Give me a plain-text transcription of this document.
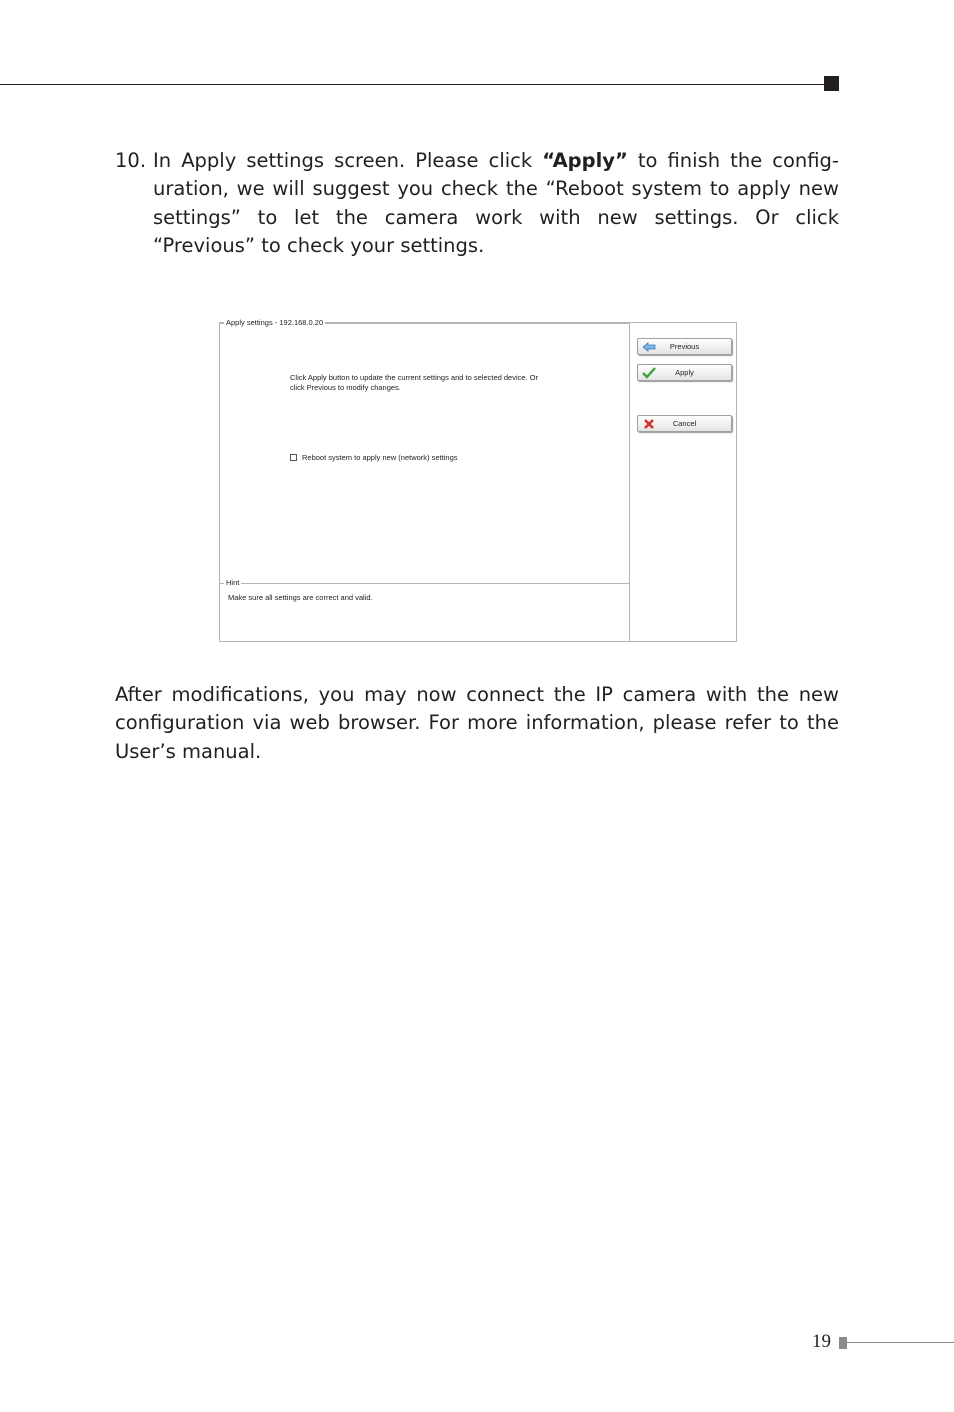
10. In Apply settings screen. Please click “Apply” to finish the config-uration, we will suggest you check the “Reboot system to apply new settings” to let the camera work with new settings. Or click “Previous” to check your settings.
Apply settings - 192.168.0.20
Click Apply button to update the current settings and to selected device. Or click Previous to modify changes.
Reboot system to apply new (network) settings
Hint
Make sure all settings are correct and valid.
Previous
Apply
Cancel
After modifications, you may now connect the IP camera with the new configuration via web browser. For more information, please refer to the User’s manual.
19
